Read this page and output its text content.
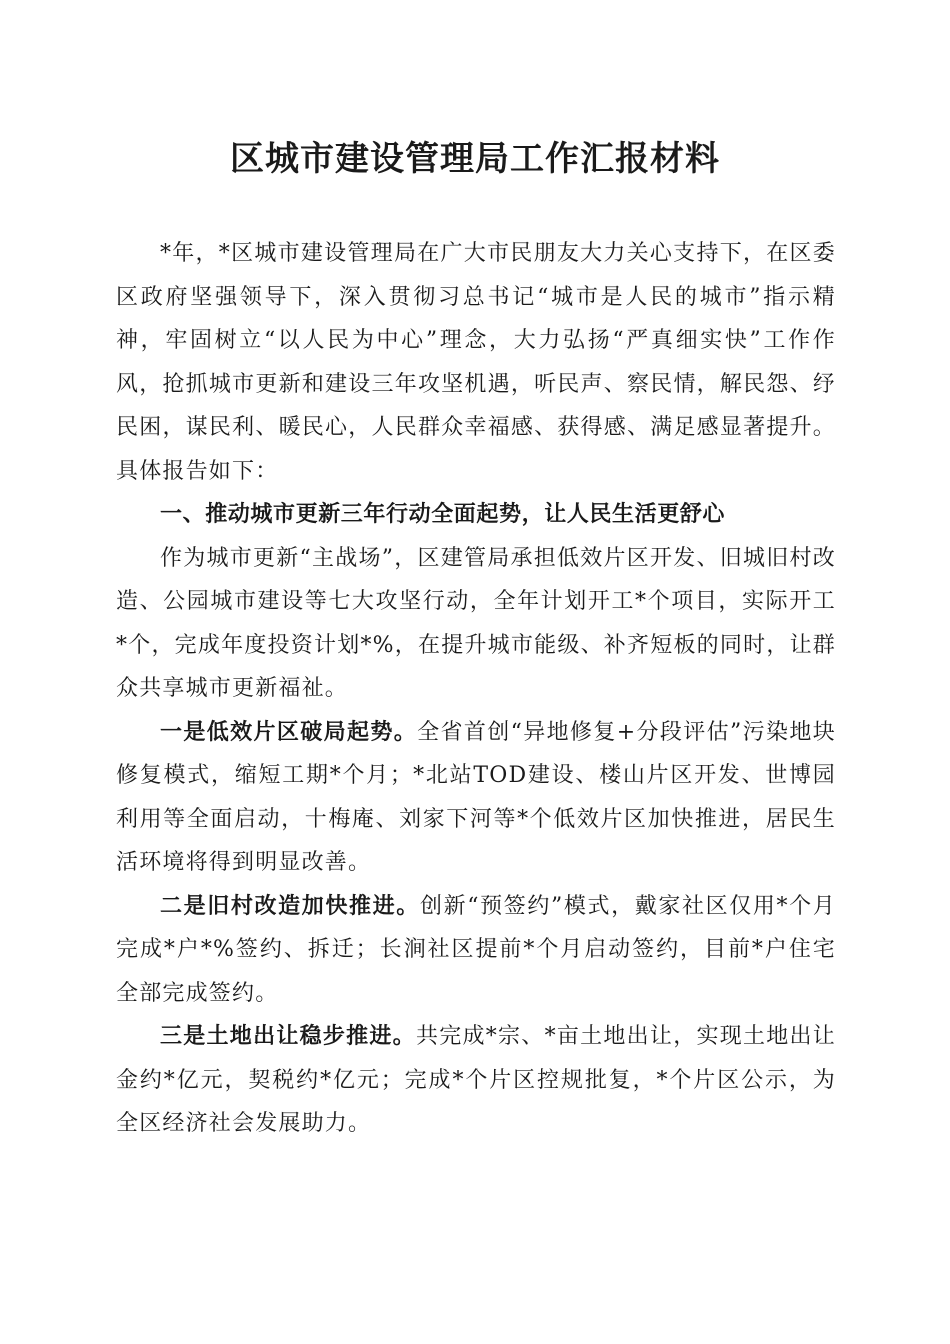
区城市建设管理局工作汇报材料

*年，*区城市建设管理局在广大市民朋友大力关心支持下，在区委区政府坚强领导下，深入贯彻习总书记“城市是人民的城市”指示精神，牢固树立“以人民为中心”理念，大力弘扬“严真细实快”工作作风，抢抓城市更新和建设三年攻坚机遇，听民声、察民情，解民怨、纾民困，谋民利、暖民心，人民群众幸福感、获得感、满足感显著提升。具体报告如下：

一、推动城市更新三年行动全面起势，让人民生活更舒心

作为城市更新“主战场”，区建管局承担低效片区开发、旧城旧村改造、公园城市建设等七大攻坚行动，全年计划开工*个项目，实际开工*个，完成年度投资计划*%，在提升城市能级、补齐短板的同时，让群众共享城市更新福祉。

一是低效片区破局起势。全省首创“异地修复+分段评估”污染地块修复模式，缩短工期*个月；*北站TOD建设、楼山片区开发、世博园利用等全面启动，十梅庵、刘家下河等*个低效片区加快推进，居民生活环境将得到明显改善。

二是旧村改造加快推进。创新“预签约”模式，戴家社区仅用*个月完成*户*%签约、拆迁；长涧社区提前*个月启动签约，目前*户住宅全部完成签约。

三是土地出让稳步推进。共完成*宗、*亩土地出让，实现土地出让金约*亿元，契税约*亿元；完成*个片区控规批复，*个片区公示，为全区经济社会发展助力。
